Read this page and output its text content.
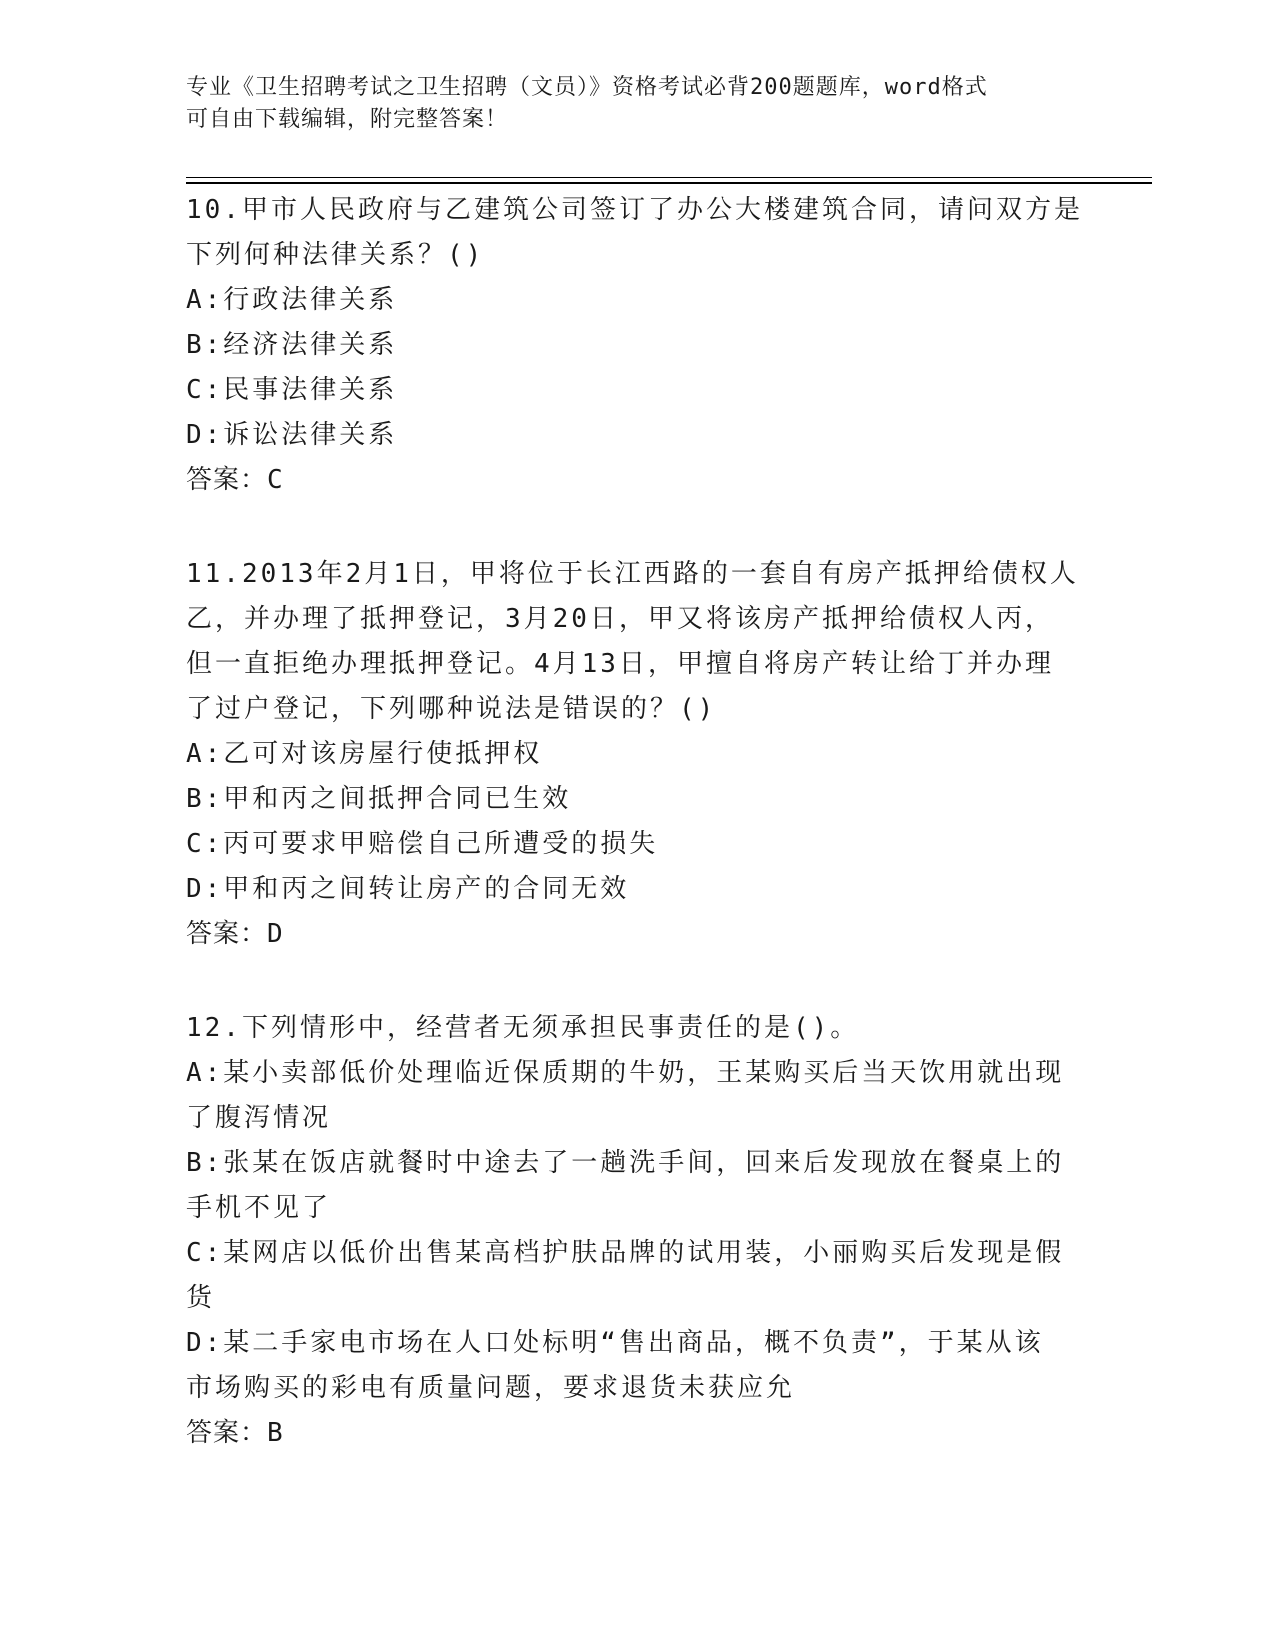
专业《卫生招聘考试之卫生招聘（文员）》资格考试必背200题题库，word格式
可自由下载编辑，附完整答案！
10.甲市人民政府与乙建筑公司签订了办公大楼建筑合同，请问双方是
下列何种法律关系？()
A:行政法律关系
B:经济法律关系
C:民事法律关系
D:诉讼法律关系
答案：C
11.2013年2月1日，甲将位于长江西路的一套自有房产抵押给债权人
乙，并办理了抵押登记，3月20日，甲又将该房产抵押给债权人丙，
但一直拒绝办理抵押登记。4月13日，甲擅自将房产转让给丁并办理
了过户登记，下列哪种说法是错误的？()
A:乙可对该房屋行使抵押权
B:甲和丙之间抵押合同已生效
C:丙可要求甲赔偿自己所遭受的损失
D:甲和丙之间转让房产的合同无效
答案：D
12.下列情形中，经营者无须承担民事责任的是()。
A:某小卖部低价处理临近保质期的牛奶，王某购买后当天饮用就出现
了腹泻情况
B:张某在饭店就餐时中途去了一趟洗手间，回来后发现放在餐桌上的
手机不见了
C:某网店以低价出售某高档护肤品牌的试用装，小丽购买后发现是假
货
D:某二手家电市场在人口处标明“售出商品，概不负责”，于某从该
市场购买的彩电有质量问题，要求退货未获应允
答案：B
